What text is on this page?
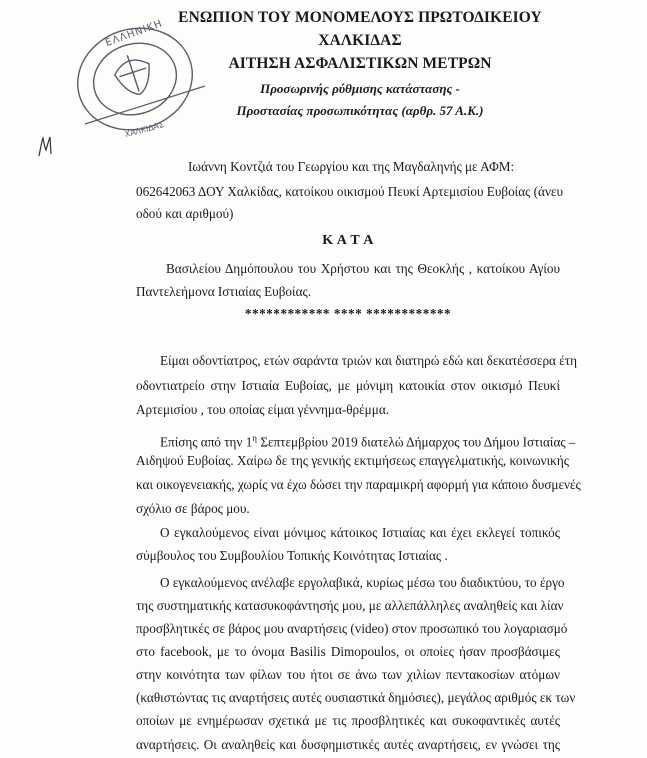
ΕΛΛΗΝΙΚΗ
ΧΑΛΚΙΔΑΣ
ΕΝΩΠΙΟΝ ΤΟΥ ΜΟΝΟΜΕΛΟΥΣ ΠΡΩΤΟΔΙΚΕΙΟΥ
ΧΑΛΚΙΔΑΣ
ΑΙΤΗΣΗ ΑΣΦΑΛΙΣΤΙΚΩΝ ΜΕΤΡΩΝ
Προσωρινής ρύθμισης κατάστασης -
Προστασίας προσωπικότητας (αρθρ. 57 Α.Κ.)
Ιωάννη Κοντζιά του Γεωργίου και της Μαγδαληνής με ΑΦΜ:
062642063 ΔΟΥ Χαλκίδας, κατοίκου οικισμού Πευκί Αρτεμισίου Ευβοίας (άνευ
οδού και αριθμού)
Κ Α Τ Α
Βασιλείου Δημόπουλου του Χρήστου και της Θεοκλής , κατοίκου Αγίου
Παντελεήμονα Ιστιαίας Ευβοίας.
************ **** ************
Είμαι οδοντίατρος, ετών σαράντα τριών και διατηρώ εδώ και δεκατέσσερα έτη
οδοντιατρείο στην Ιστιαία Ευβοίας, με μόνιμη κατοικία στον οικισμό Πευκί
Αρτεμισίου , του οποίας είμαι γέννημα-θρέμμα.
Επίσης από την $1^\eta$ Σεπτεμβρίου 2019 διατελώ Δήμαρχος του Δήμου Ιστιαίας –
Αιδηψού Ευβοίας. Χαίρω δε της γενικής εκτιμήσεως επαγγελματικής, κοινωνικής
και οικογενειακής, χωρίς να έχω δώσει την παραμικρή αφορμή για κάποιο δυσμενές
σχόλιο σε βάρος μου.
Ο εγκαλούμενος είναι μόνιμος κάτοικος Ιστιαίας και έχει εκλεγεί τοπικός
σύμβουλος του Συμβουλίου Τοπικής Κοινότητας Ιστιαίας .
Ο εγκαλούμενος ανέλαβε εργολαβικά, κυρίως μέσω του διαδικτύου, το έργο
της συστηματικής κατασυκοφάντησής μου, με αλλεπάλληλες αναληθείς και λίαν
προσβλητικές σε βάρος μου αναρτήσεις (video) στον προσωπικό του λογαριασμό
στο facebook, με το όνομα Basilis Dimopoulos, οι οποίες ήσαν προσβάσιμες
στην κοινότητα των φίλων του ήτοι σε άνω των χιλίων πεντακοσίων ατόμων
(καθιστώντας τις αναρτήσεις αυτές ουσιαστικά δημόσιες), μεγάλος αριθμός εκ των
οποίων με ενημέρωσαν σχετικά με τις προσβλητικές και συκοφαντικές αυτές
αναρτήσεις. Οι αναληθείς και δυσφημιστικές αυτές αναρτήσεις, εν γνώσει της
